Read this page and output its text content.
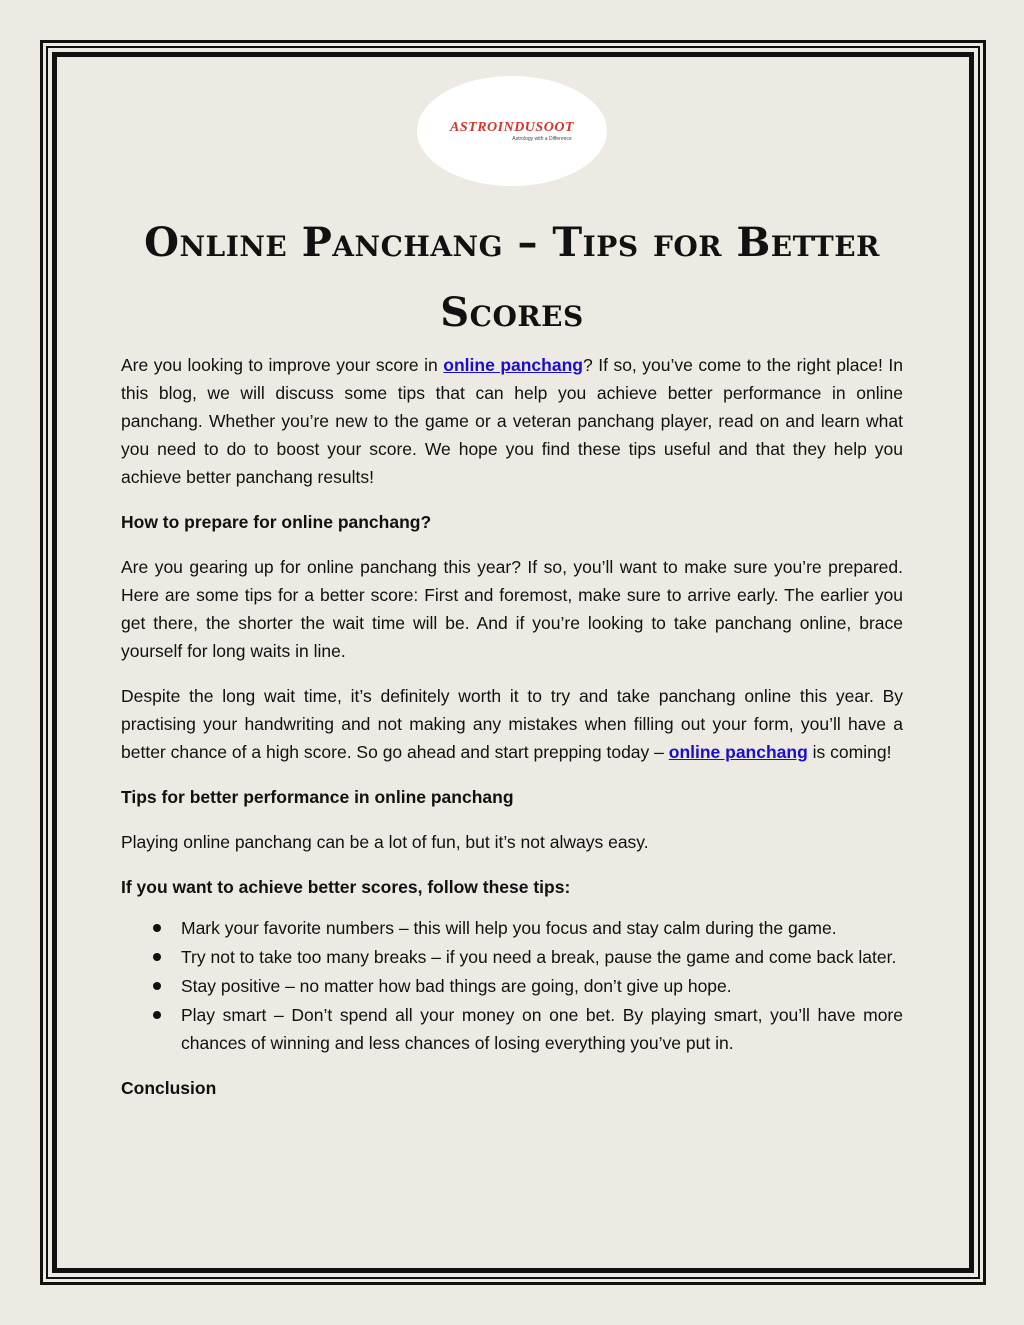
ASTROINDUSOOT
Astrology with a Difference
Online Panchang – Tips for Better Scores

Are you looking to improve your score in online panchang? If so, you’ve come to the right place! In this blog, we will discuss some tips that can help you achieve better performance in online panchang. Whether you’re new to the game or a veteran panchang player, read on and learn what you need to do to boost your score. We hope you find these tips useful and that they help you achieve better panchang results!

How to prepare for online panchang?

Are you gearing up for online panchang this year? If so, you’ll want to make sure you’re prepared. Here are some tips for a better score: First and foremost, make sure to arrive early. The earlier you get there, the shorter the wait time will be. And if you’re looking to take panchang online, brace yourself for long waits in line.

Despite the long wait time, it’s definitely worth it to try and take panchang online this year. By practising your handwriting and not making any mistakes when filling out your form, you’ll have a better chance of a high score. So go ahead and start prepping today – online panchang is coming!

Tips for better performance in online panchang

Playing online panchang can be a lot of fun, but it’s not always easy.

If you want to achieve better scores, follow these tips:

Mark your favorite numbers – this will help you focus and stay calm during the game.
Try not to take too many breaks – if you need a break, pause the game and come back later.
Stay positive – no matter how bad things are going, don’t give up hope.
Play smart – Don’t spend all your money on one bet. By playing smart, you’ll have more chances of winning and less chances of losing everything you’ve put in.

Conclusion
